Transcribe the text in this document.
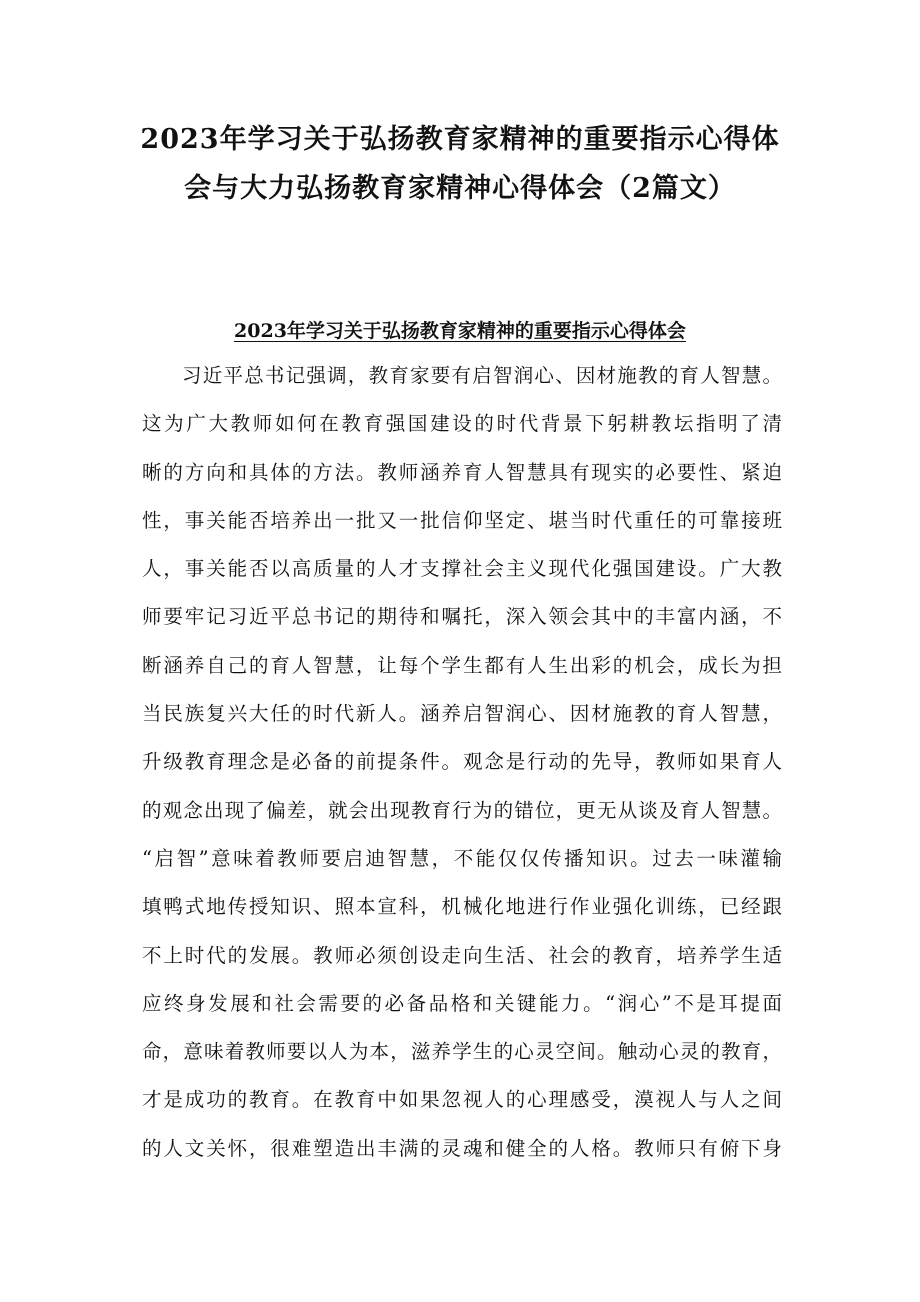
2023年学习关于弘扬教育家精神的重要指示心得体
会与大力弘扬教育家精神心得体会（2篇文）
2023年学习关于弘扬教育家精神的重要指示心得体会
习近平总书记强调，教育家要有启智润心、因材施教的育人智慧。
这为广大教师如何在教育强国建设的时代背景下躬耕教坛指明了清
晰的方向和具体的方法。教师涵养育人智慧具有现实的必要性、紧迫
性，事关能否培养出一批又一批信仰坚定、堪当时代重任的可靠接班
人，事关能否以高质量的人才支撑社会主义现代化强国建设。广大教
师要牢记习近平总书记的期待和嘱托，深入领会其中的丰富内涵，不
断涵养自己的育人智慧，让每个学生都有人生出彩的机会，成长为担
当民族复兴大任的时代新人。涵养启智润心、因材施教的育人智慧，
升级教育理念是必备的前提条件。观念是行动的先导，教师如果育人
的观念出现了偏差，就会出现教育行为的错位，更无从谈及育人智慧。
“启智”意味着教师要启迪智慧，不能仅仅传播知识。过去一味灌输
填鸭式地传授知识、照本宣科，机械化地进行作业强化训练，已经跟
不上时代的发展。教师必须创设走向生活、社会的教育，培养学生适
应终身发展和社会需要的必备品格和关键能力。“润心”不是耳提面
命，意味着教师要以人为本，滋养学生的心灵空间。触动心灵的教育，
才是成功的教育。在教育中如果忽视人的心理感受，漠视人与人之间
的人文关怀，很难塑造出丰满的灵魂和健全的人格。教师只有俯下身
